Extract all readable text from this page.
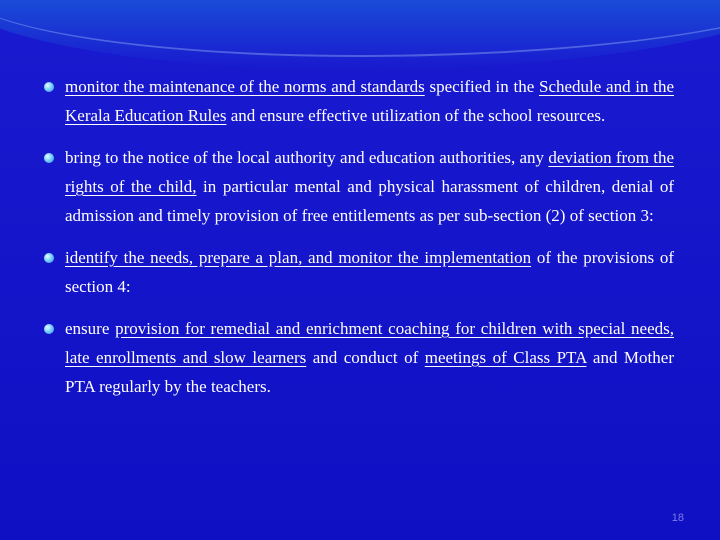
monitor the maintenance of the norms and standards specified in the Schedule and in the Kerala Education Rules and ensure effective utilization of the school resources.
bring to the notice of the local authority and education authorities, any deviation from the rights of the child, in particular mental and physical harassment of children, denial of admission and timely provision of free entitlements as per sub-section (2) of section 3:
identify the needs, prepare a plan, and monitor the implementation of the provisions of section 4:
ensure provision for remedial and enrichment coaching for children with special needs, late enrollments and slow learners and conduct of meetings of Class PTA and Mother PTA regularly by the teachers.
18
